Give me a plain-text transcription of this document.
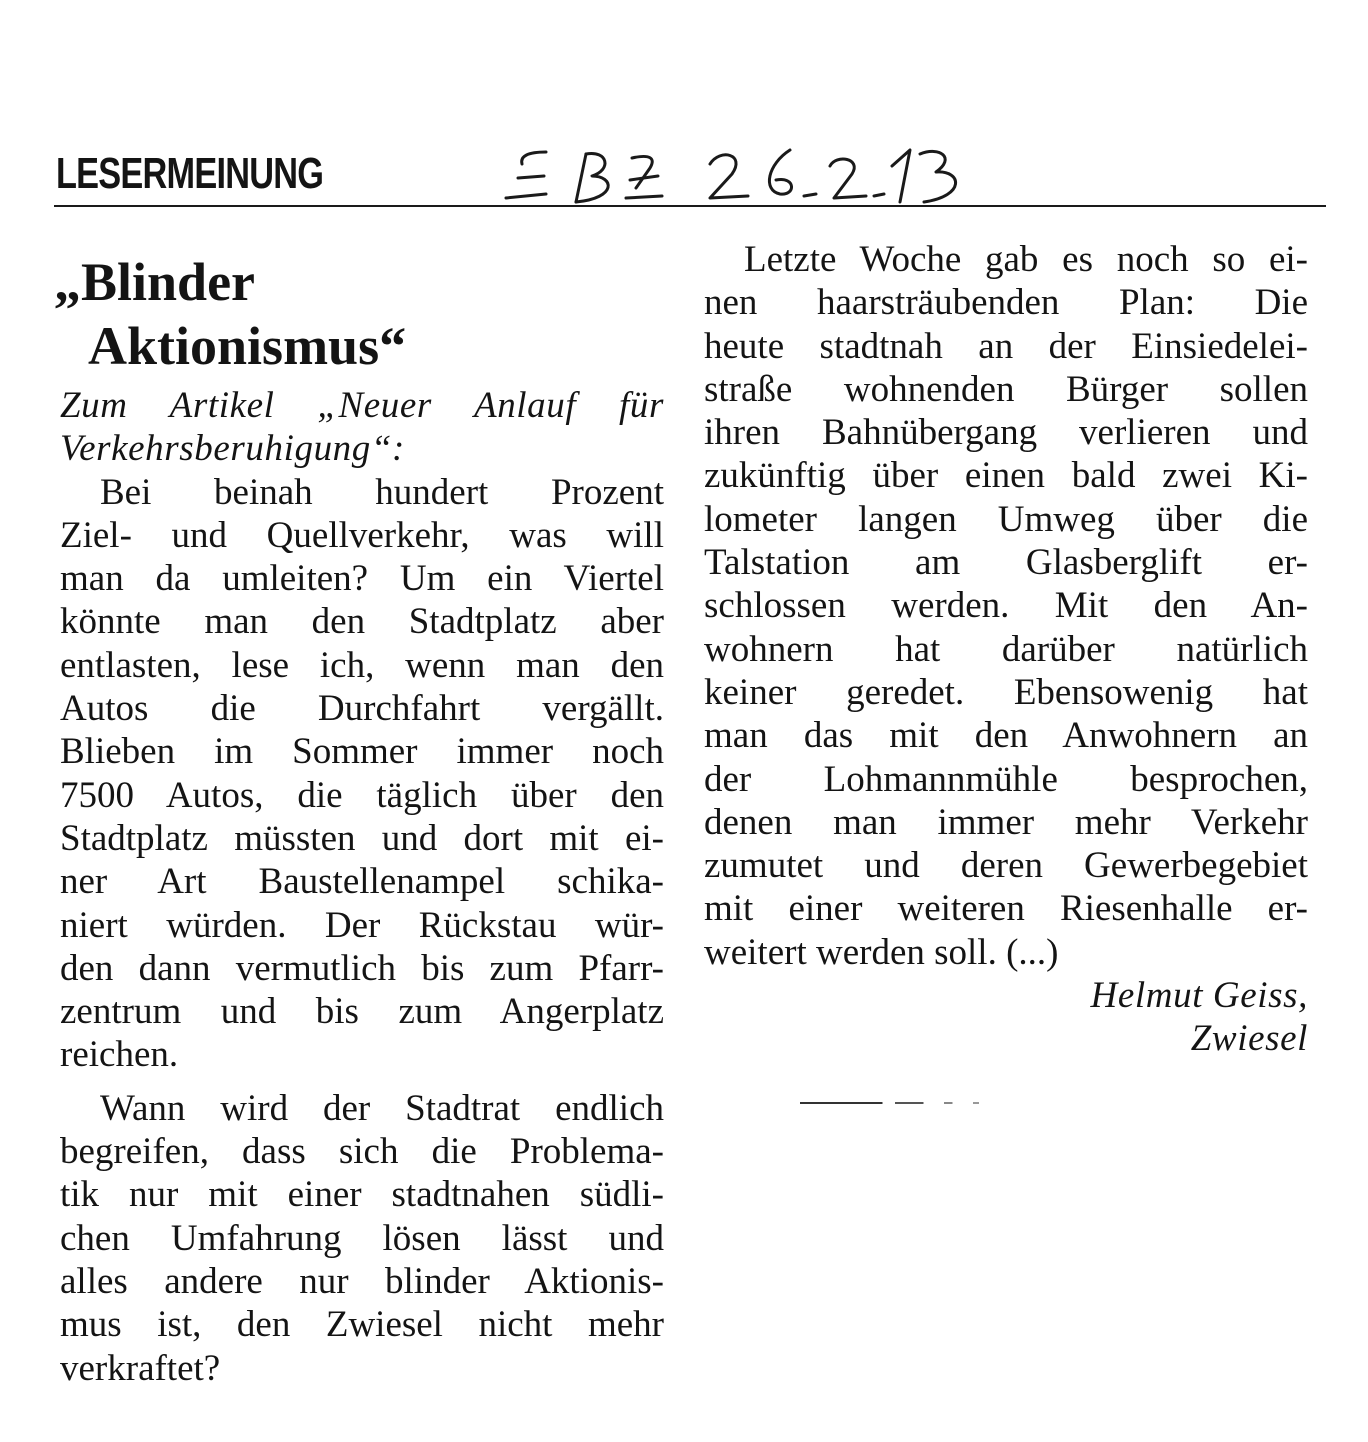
LESERMEINUNG
„Blinder
Aktionismus“
Zum Artikel „Neuer Anlauf für
Verkehrsberuhigung“:
Bei beinah hundert Prozent
Ziel- und Quellverkehr, was will
man da umleiten? Um ein Viertel
könnte man den Stadtplatz aber
entlasten, lese ich, wenn man den
Autos die Durchfahrt vergällt.
Blieben im Sommer immer noch
7500 Autos, die täglich über den
Stadtplatz müssten und dort mit ei-
ner Art Baustellenampel schika-
niert würden. Der Rückstau wür-
den dann vermutlich bis zum Pfarr-
zentrum und bis zum Angerplatz
reichen.
Wann wird der Stadtrat endlich
begreifen, dass sich die Problema-
tik nur mit einer stadtnahen südli-
chen Umfahrung lösen lässt und
alles andere nur blinder Aktionis-
mus ist, den Zwiesel nicht mehr
verkraftet?
Letzte Woche gab es noch so ei-
nen haarsträubenden Plan: Die
heute stadtnah an der Einsiedelei-
straße wohnenden Bürger sollen
ihren Bahnübergang verlieren und
zukünftig über einen bald zwei Ki-
lometer langen Umweg über die
Talstation am Glasberglift er-
schlossen werden. Mit den An-
wohnern hat darüber natürlich
keiner geredet. Ebensowenig hat
man das mit den Anwohnern an
der Lohmannmühle besprochen,
denen man immer mehr Verkehr
zumutet und deren Gewerbegebiet
mit einer weiteren Riesenhalle er-
weitert werden soll. (...)
Helmut Geiss,
Zwiesel
